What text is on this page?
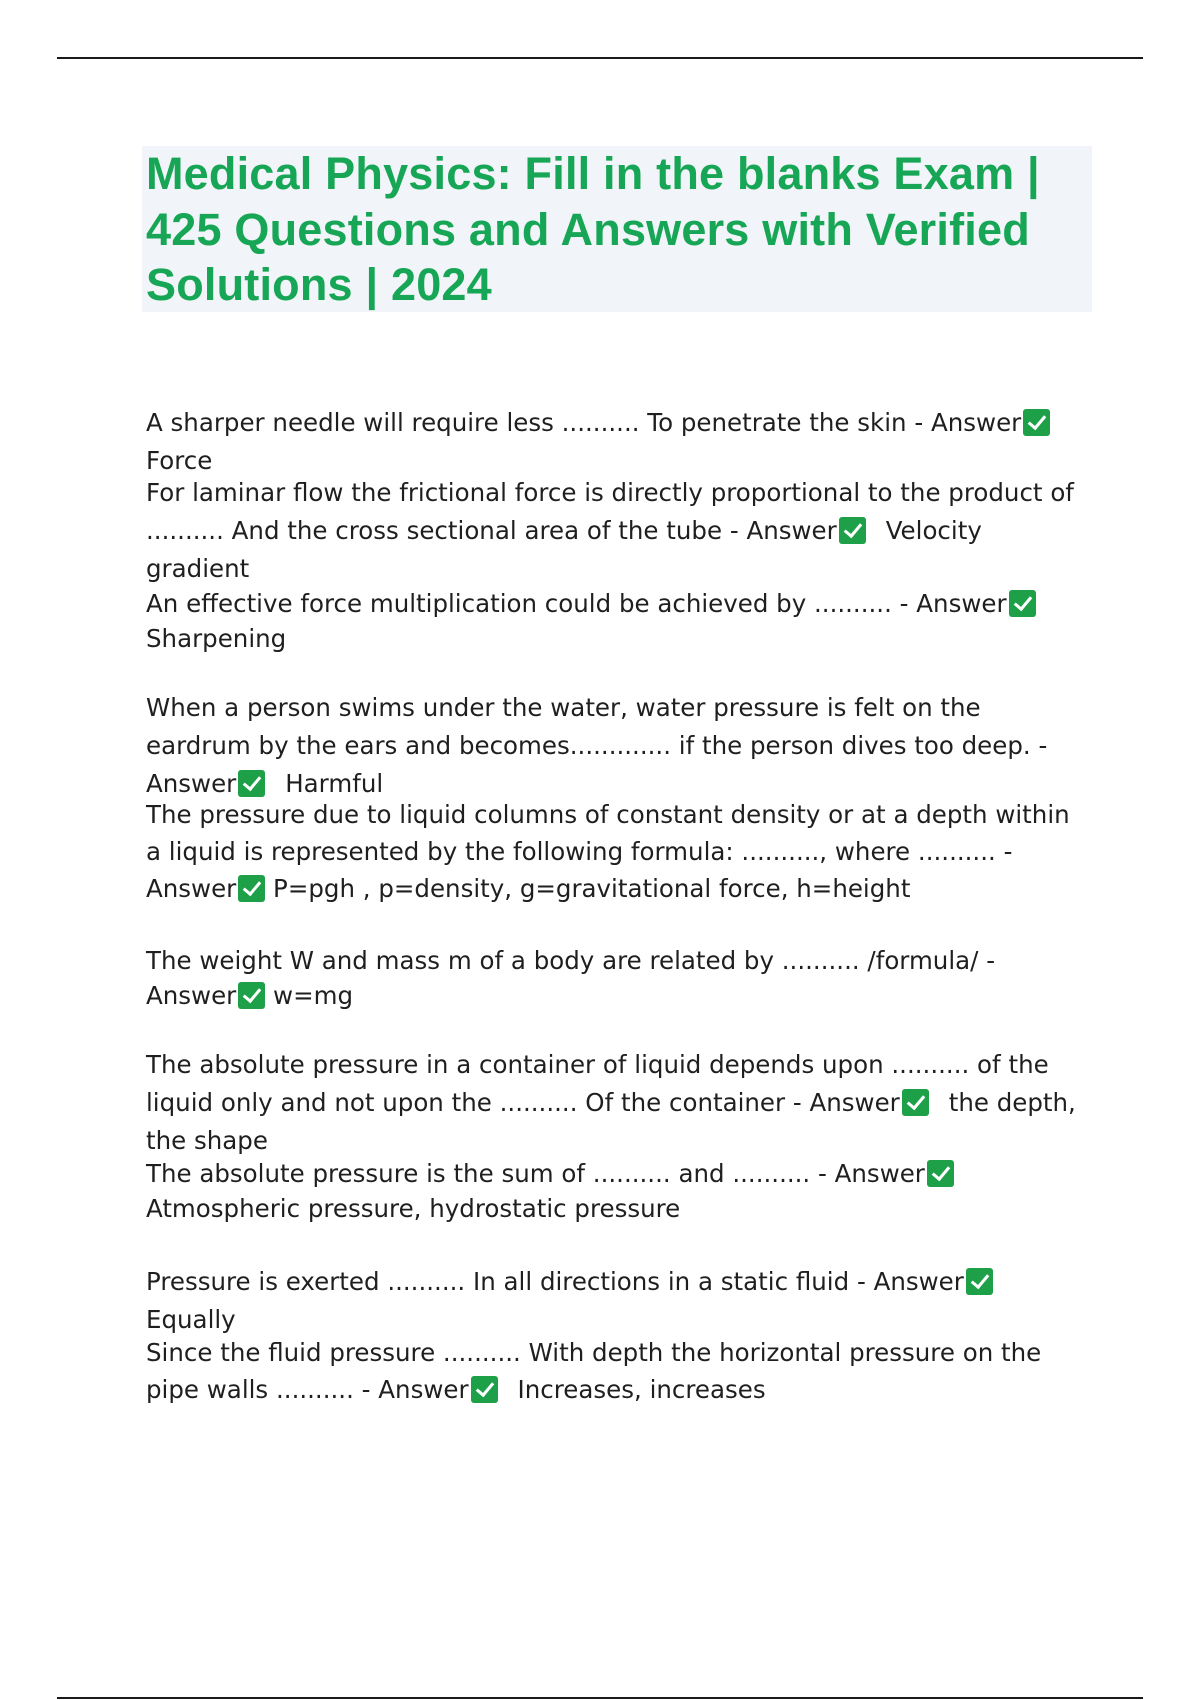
Medical Physics: Fill in the blanks Exam | 425 Questions and Answers with Verified Solutions | 2024

A sharper needle will require less .......... To penetrate the skin - AnswerForce

For laminar flow the frictional force is directly proportional to the product of .......... And the cross sectional area of the tube - Answer Velocity gradient

An effective force multiplication could be achieved by .......... - Answer Sharpening

When a person swims under the water, water pressure is felt on the eardrum by the ears and becomes............. if the person dives too deep. - Answer Harmful

The pressure due to liquid columns of constant density or at a depth within a liquid is represented by the following formula: .........., where .......... - Answer P=pgh , p=density, g=gravitational force, h=height

The weight W and mass m of a body are related by .......... /formula/ - Answer w=mg

The absolute pressure in a container of liquid depends upon .......... of the liquid only and not upon the .......... Of the container - Answer the depth, the shape

The absolute pressure is the sum of .......... and .......... - AnswerAtmospheric pressure, hydrostatic pressure

Pressure is exerted .......... In all directions in a static fluid - AnswerEqually

Since the fluid pressure .......... With depth the horizontal pressure on the pipe walls .......... - Answer Increases, increases
